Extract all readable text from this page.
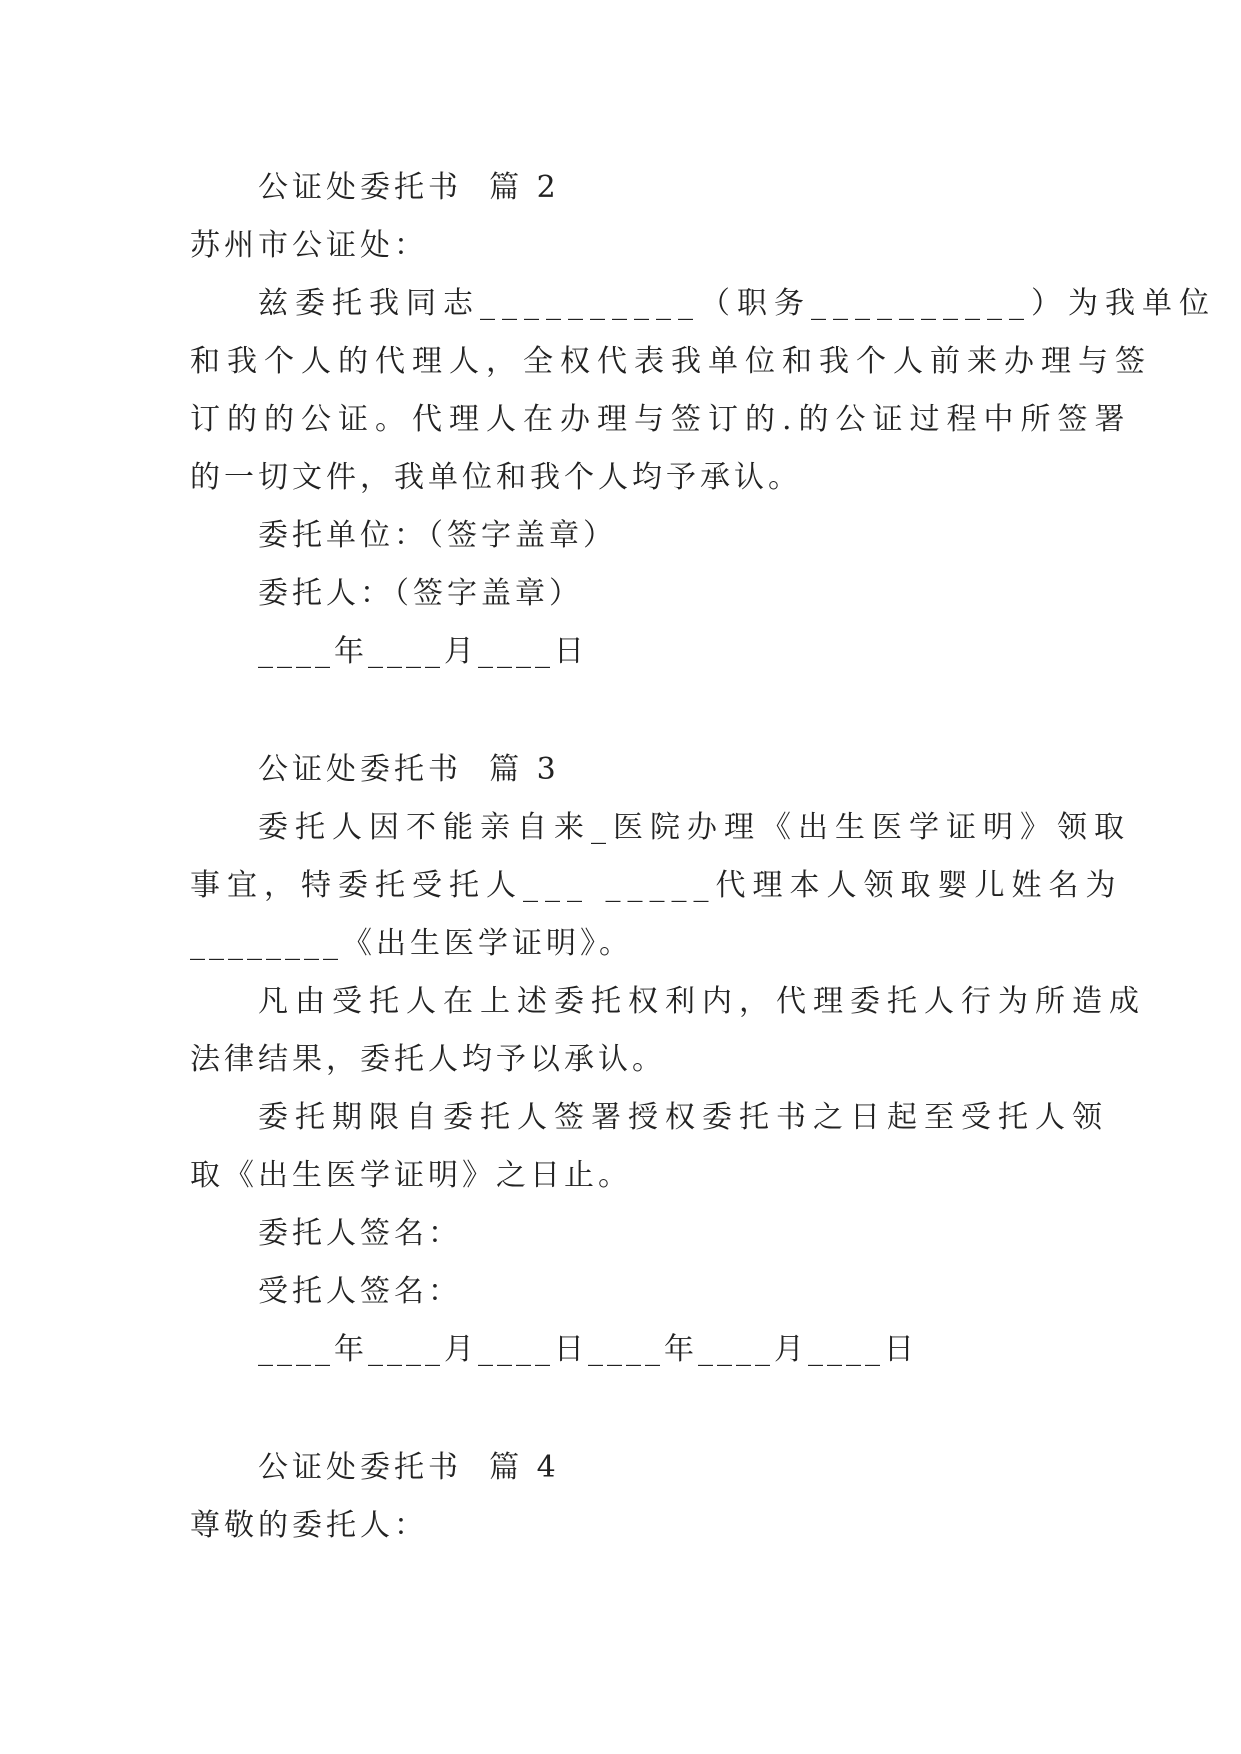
公证处委托书  篇 2
苏州市公证处：
兹委托我同志__________（职务__________）为我单位
和我个人的代理人，全权代表我单位和我个人前来办理与签
订的的公证。代理人在办理与签订的.的公证过程中所签署
的一切文件，我单位和我个人均予承认。
委托单位：（签字盖章）
委托人：（签字盖章）
____年____月____日
公证处委托书  篇 3
委托人因不能亲自来_医院办理《出生医学证明》领取
事宜，特委托受托人___ _____代理本人领取婴儿姓名为
________《出生医学证明》。
凡由受托人在上述委托权利内，代理委托人行为所造成
法律结果，委托人均予以承认。
委托期限自委托人签署授权委托书之日起至受托人领
取《出生医学证明》之日止。
委托人签名：
受托人签名：
____年____月____日____年____月____日
公证处委托书  篇 4
尊敬的委托人：
